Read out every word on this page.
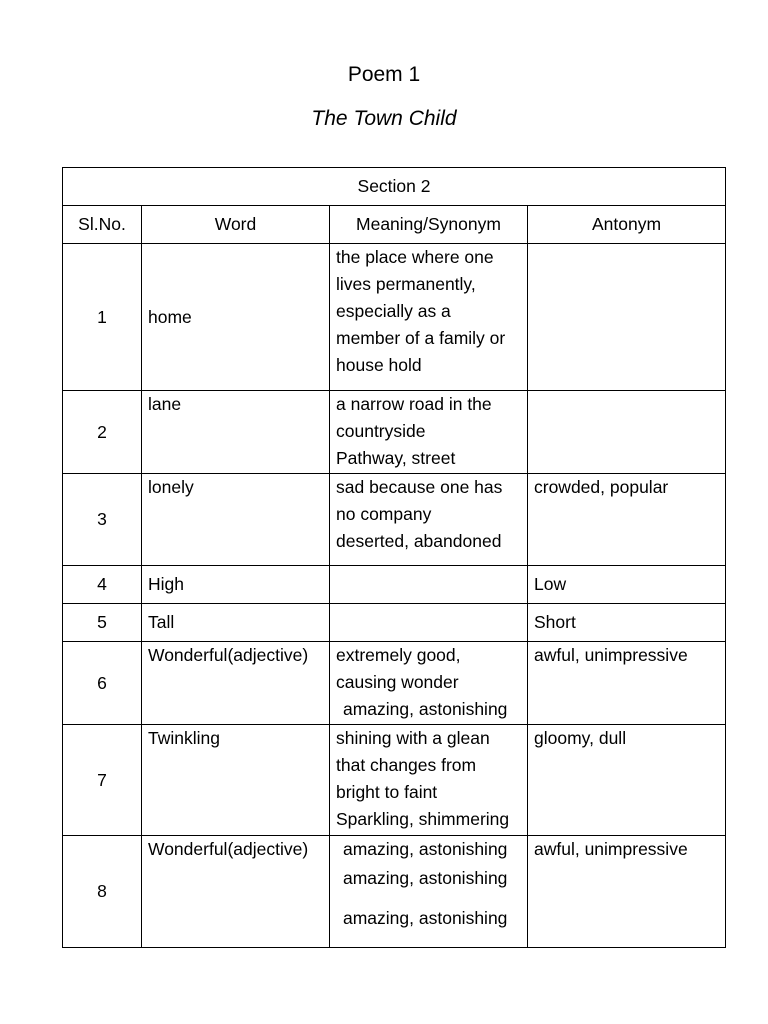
Poem 1
The Town Child
Section 2			
Sl.No.	Word	Meaning/Synonym	Antonym
1	home	the place where one
lives permanently,
especially as a
member of a family or
house hold	

2	lane	a narrow road in the
countryside
Pathway, street	

3	lonely	sad because one has
no company
deserted, abandoned	crowded, popular

4	High		Low

5	Tall		Short

6	Wonderful(adjective)	extremely good,
causing wonder
amazing, astonishing	awful, unimpressive

7	Twinkling	shining with a glean
that changes from
bright to faint
Sparkling, shimmering	gloomy, dull

8	Wonderful(adjective)	amazing, astonishing
amazing, astonishing
amazing, astonishing	awful, unimpressive
